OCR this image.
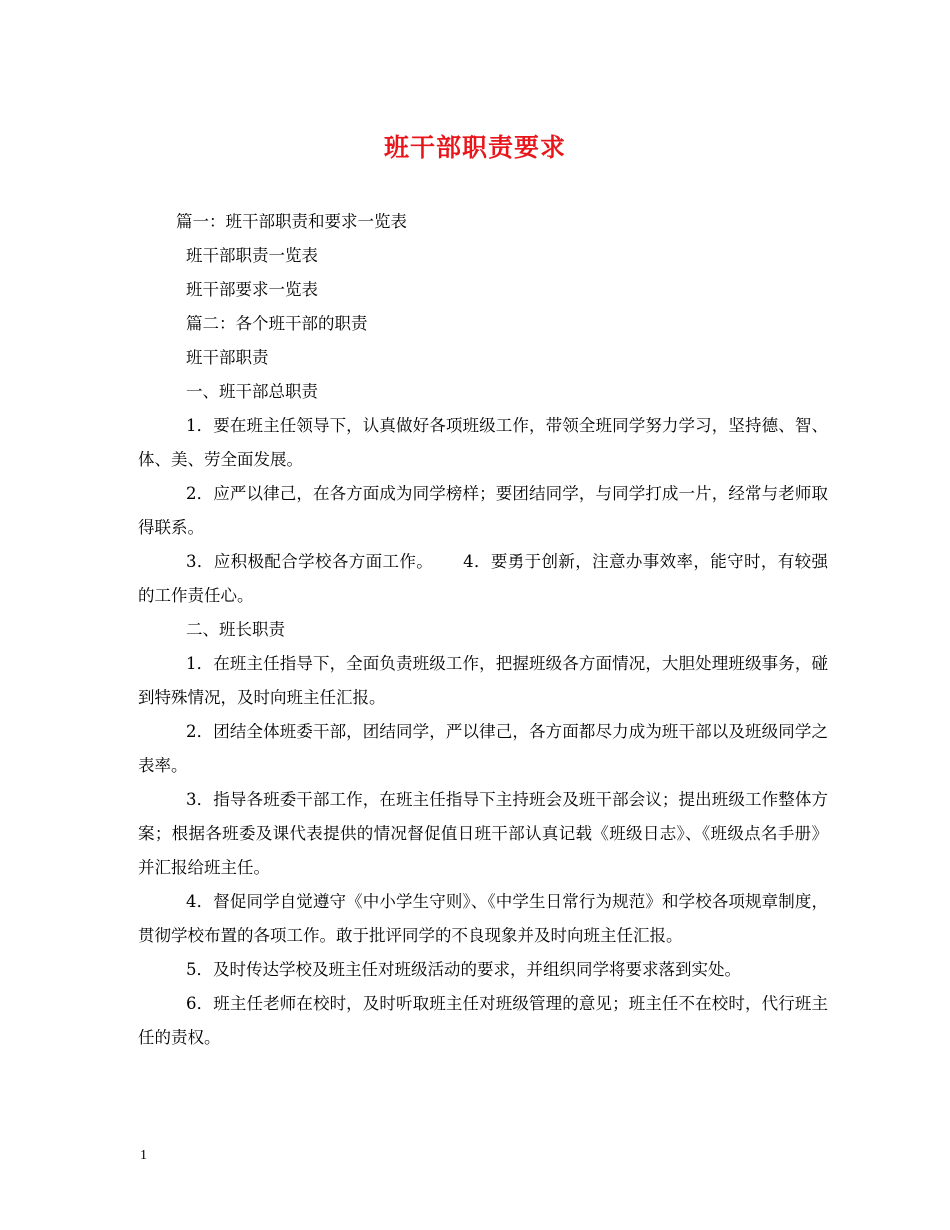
班干部职责要求

篇一：班干部职责和要求一览表

班干部职责一览表

班干部要求一览表

篇二：各个班干部的职责

班干部职责

一、班干部总职责

1．要在班主任领导下，认真做好各项班级工作，带领全班同学努力学习，坚持德、智、体、美、劳全面发展。

2．应严以律己，在各方面成为同学榜样；要团结同学，与同学打成一片，经常与老师取得联系。

3．应积极配合学校各方面工作。 4．要勇于创新，注意办事效率，能守时，有较强的工作责任心。

二、班长职责

1．在班主任指导下，全面负责班级工作，把握班级各方面情况，大胆处理班级事务，碰到特殊情况，及时向班主任汇报。

2．团结全体班委干部，团结同学，严以律己，各方面都尽力成为班干部以及班级同学之表率。

3．指导各班委干部工作，在班主任指导下主持班会及班干部会议；提出班级工作整体方案；根据各班委及课代表提供的情况督促值日班干部认真记载《班级日志》、《班级点名手册》并汇报给班主任。

4．督促同学自觉遵守《中小学生守则》、《中学生日常行为规范》和学校各项规章制度，贯彻学校布置的各项工作。敢于批评同学的不良现象并及时向班主任汇报。

5．及时传达学校及班主任对班级活动的要求，并组织同学将要求落到实处。

6．班主任老师在校时，及时听取班主任对班级管理的意见；班主任不在校时，代行班主任的责权。

1
